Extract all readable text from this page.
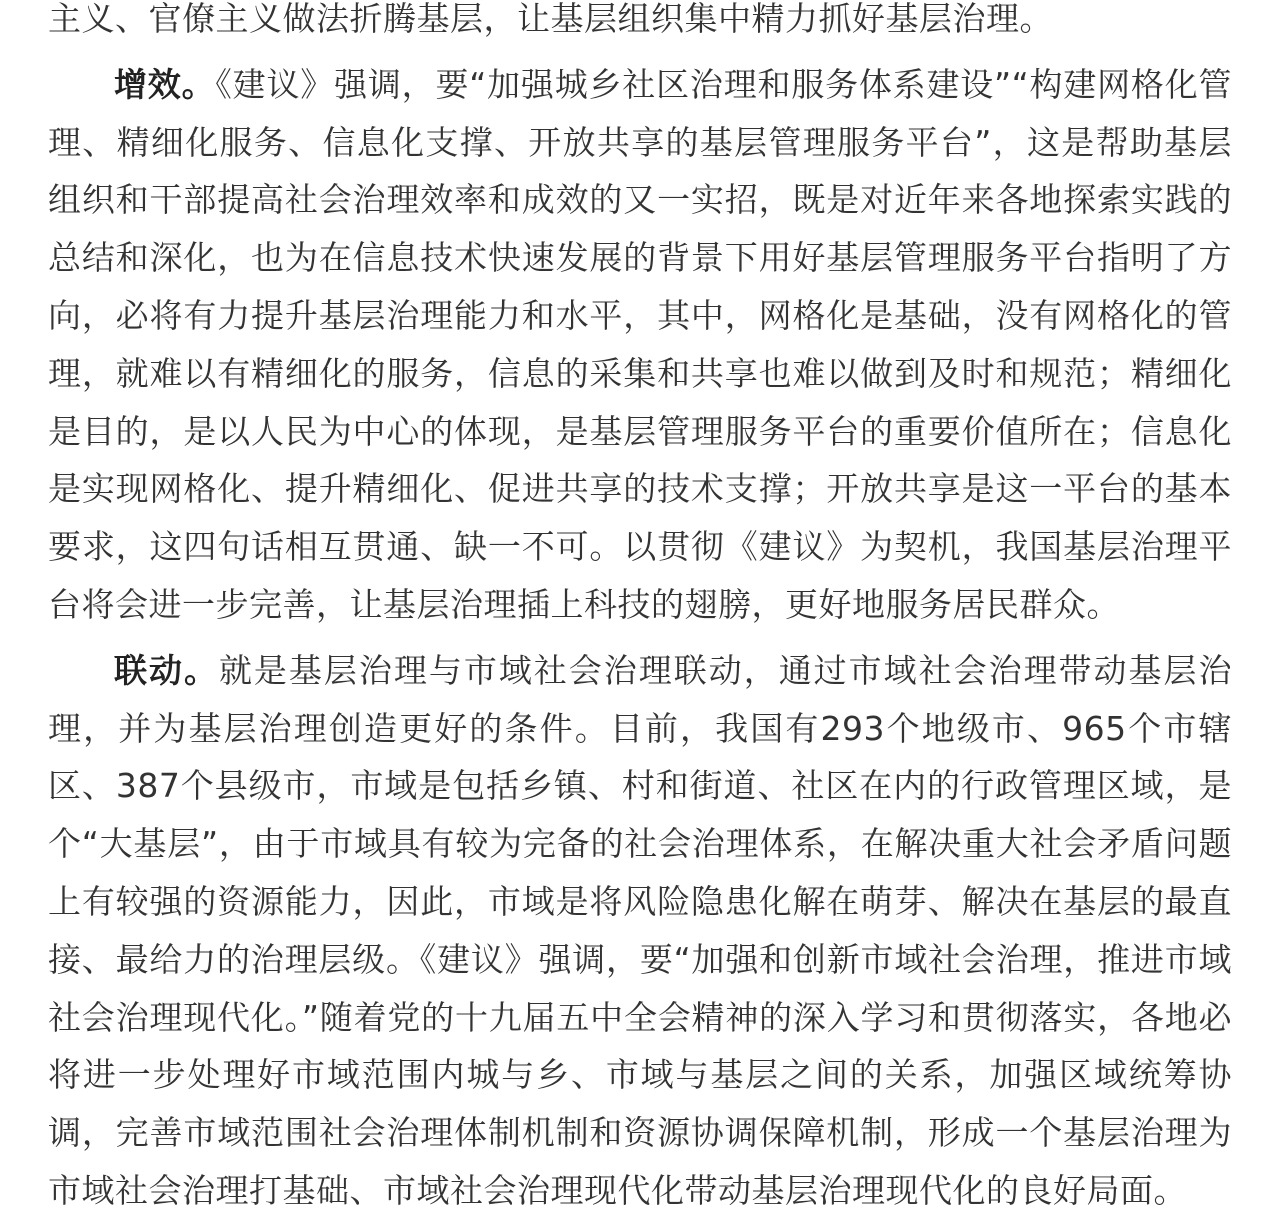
主义、官僚主义做法折腾基层，让基层组织集中精力抓好基层治理。

增效。《建议》强调，要“加强城乡社区治理和服务体系建设”“构建网格化管理、精细化服务、信息化支撑、开放共享的基层管理服务平台”，这是帮助基层组织和干部提高社会治理效率和成效的又一实招，既是对近年来各地探索实践的总结和深化，也为在信息技术快速发展的背景下用好基层管理服务平台指明了方向，必将有力提升基层治理能力和水平，其中，网格化是基础，没有网格化的管理，就难以有精细化的服务，信息的采集和共享也难以做到及时和规范；精细化是目的，是以人民为中心的体现，是基层管理服务平台的重要价值所在；信息化是实现网格化、提升精细化、促进共享的技术支撑；开放共享是这一平台的基本要求，这四句话相互贯通、缺一不可。以贯彻《建议》为契机，我国基层治理平台将会进一步完善，让基层治理插上科技的翅膀，更好地服务居民群众。

联动。就是基层治理与市域社会治理联动，通过市域社会治理带动基层治理，并为基层治理创造更好的条件。目前，我国有293个地级市、965个市辖区、387个县级市，市域是包括乡镇、村和街道、社区在内的行政管理区域，是个“大基层”，由于市域具有较为完备的社会治理体系，在解决重大社会矛盾问题上有较强的资源能力，因此，市域是将风险隐患化解在萌芽、解决在基层的最直接、最给力的治理层级。《建议》强调，要“加强和创新市域社会治理，推进市域社会治理现代化。”随着党的十九届五中全会精神的深入学习和贯彻落实，各地必将进一步处理好市域范围内城与乡、市域与基层之间的关系，加强区域统筹协调，完善市域范围社会治理体制机制和资源协调保障机制，形成一个基层治理为市域社会治理打基础、市域社会治理现代化带动基层治理现代化的良好局面。
